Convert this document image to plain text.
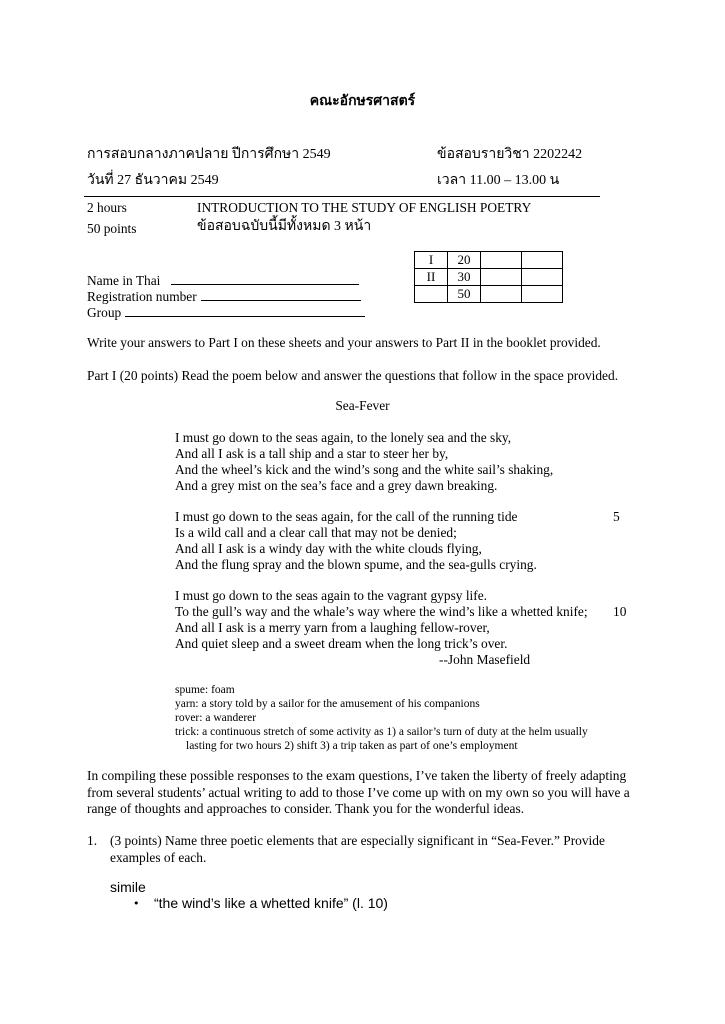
คณะอักษรศาสตร์
การสอบกลางภาคปลาย ปีการศึกษา 2549	ข้อสอบรายวิชา 2202242
วันที่ 27 ธันวาคม 2549	เวลา 11.00 – 13.00 น
2 hours	INTRODUCTION TO THE STUDY OF ENGLISH POETRY
50 points	ข้อสอบฉบับนี้มีทั้งหมด 3 หน้า
I	20		
II	30		
	50		
Name in Thai
Registration number
Group
Write your answers to Part I on these sheets and your answers to Part II in the booklet provided.
Part I (20 points) Read the poem below and answer the questions that follow in the space provided.
Sea-Fever
I must go down to the seas again, to the lonely sea and the sky,
And all I ask is a tall ship and a star to steer her by,
And the wheel’s kick and the wind’s song and the white sail’s shaking,
And a grey mist on the sea’s face and a grey dawn breaking.
I must go down to the seas again, for the call of the running tide	5
Is a wild call and a clear call that may not be denied;
And all I ask is a windy day with the white clouds flying,
And the flung spray and the blown spume, and the sea-gulls crying.
I must go down to the seas again to the vagrant gypsy life.
To the gull’s way and the whale’s way where the wind’s like a whetted knife; 10
And all I ask is a merry yarn from a laughing fellow-rover,
And quiet sleep and a sweet dream when the long trick’s over.
--John Masefield
spume: foam
yarn: a story told by a sailor for the amusement of his companions
rover: a wanderer
trick: a continuous stretch of some activity as 1) a sailor’s turn of duty at the helm usually
lasting for two hours 2) shift 3) a trip taken as part of one’s employment
In compiling these possible responses to the exam questions, I’ve taken the liberty of freely adapting from several students’ actual writing to add to those I’ve come up with on my own so you will have a range of thoughts and approaches to consider. Thank you for the wonderful ideas.
1. (3 points) Name three poetic elements that are especially significant in “Sea-Fever.” Provide examples of each.
simile
• “the wind’s like a whetted knife” (l. 10)
